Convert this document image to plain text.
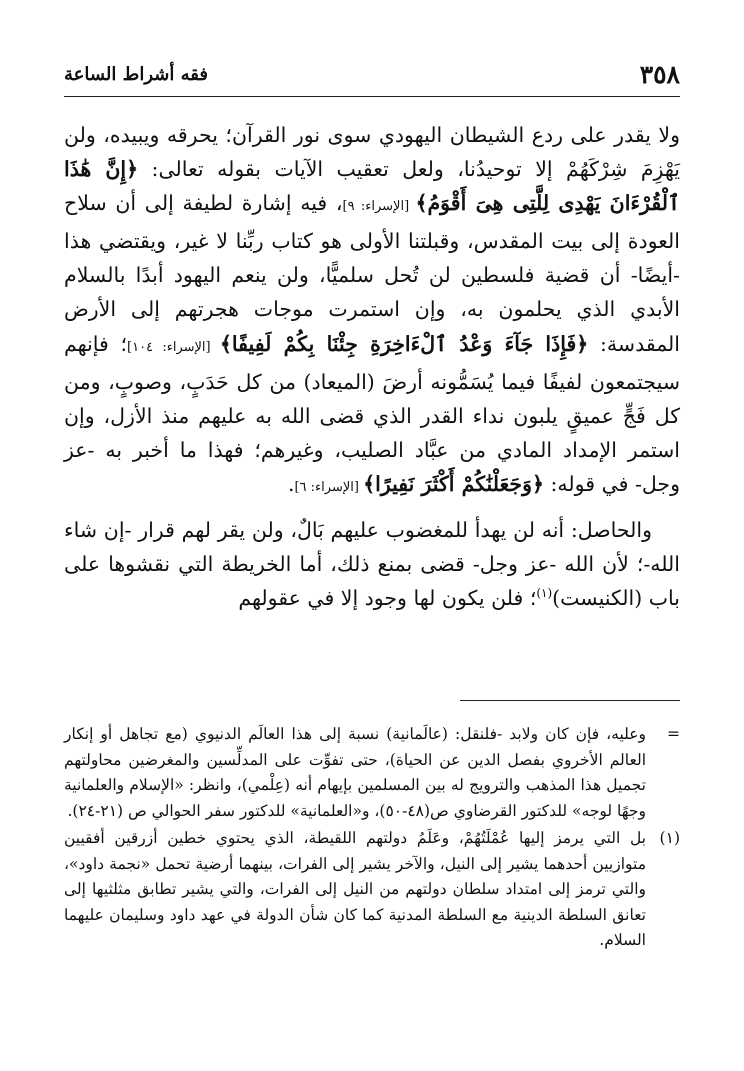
٣٥٨
فقه أشراط الساعة

ولا يقدر على ردع الشيطان اليهودي سوى نور القرآن؛ يحرقه ويبيده، ولن يَهْزِمَ شِرْكَهُمْ إلا توحيدُنا، ولعل تعقيب الآيات بقوله تعالى: ﴿إِنَّ هَٰذَا ٱلْقُرْءَانَ يَهْدِى لِلَّتِى هِىَ أَقْوَمُ﴾ [الإسراء: ٩]، فيه إشارة لطيفة إلى أن سلاح العودة إلى بيت المقدس، وقبلتنا الأولى هو كتاب ربِّنا لا غير، ويقتضي هذا -أيضًا- أن قضية فلسطين لن تُحل سلميًّا، ولن ينعم اليهود أبدًا بالسلام الأبدي الذي يحلمون به، وإن استمرت موجات هجرتهم إلى الأرض المقدسة: ﴿فَإِذَا جَآءَ وَعْدُ ٱلْءَاخِرَةِ جِئْنَا بِكُمْ لَفِيفًا﴾ [الإسراء: ١٠٤]؛ فإنهم سيجتمعون لفيفًا فيما يُسَمُّونه أرضَ (الميعاد) من كل حَدَبٍ، وصوبٍ، ومن كل فَجٍّ عميقٍ يلبون نداء القدر الذي قضى الله به عليهم منذ الأزل، وإن استمر الإمداد المادي من عبَّاد الصليب، وغيرهم؛ فهذا ما أخبر به -عز وجل- في قوله: ﴿وَجَعَلْنَٰكُمْ أَكْثَرَ نَفِيرًا﴾ [الإسراء: ٦].

والحاصل: أنه لن يهدأ للمغضوب عليهم بَالٌ، ولن يقر لهم قرار -إن شاء الله-؛ لأن الله -عز وجل- قضى بمنع ذلك، أما الخريطة التي نقشوها على باب (الكنيست)$^{(١)}$؛ فلن يكون لها وجود إلا في عقولهم

=
وعليه، فإن كان ولابد -فلنقل: (عالَمانية) نسبة إلى هذا العالَم الدنيوي (مع تجاهل أو إنكار العالم الأخروي بفصل الدين عن الحياة)، حتى تفوِّت على المدلِّسين والمغرضين محاولتهم تجميل هذا المذهب والترويج له بين المسلمين بإيهام أنه (عِلْمي)، وانظر: «الإسلام والعلمانية وجهًا لوجه» للدكتور القرضاوي ص(٤٨-٥٠)، و«العلمانية» للدكتور سفر الحوالي ص (٢١-٢٤).
(١)
بل التي يرمز إليها عُمْلَتُهُمْ، وعَلَمُ دولتهم اللقيطة، الذي يحتوي خطين أزرقين أفقيين متوازيين أحدهما يشير إلى النيل، والآخر يشير إلى الفرات، بينهما أرضية تحمل «نجمة داود»، والتي ترمز إلى امتداد سلطان دولتهم من النيل إلى الفرات، والتي يشير تطابق مثلثيها إلى تعانق السلطة الدينية مع السلطة المدنية كما كان شأن الدولة في عهد داود وسليمان عليهما السلام.
